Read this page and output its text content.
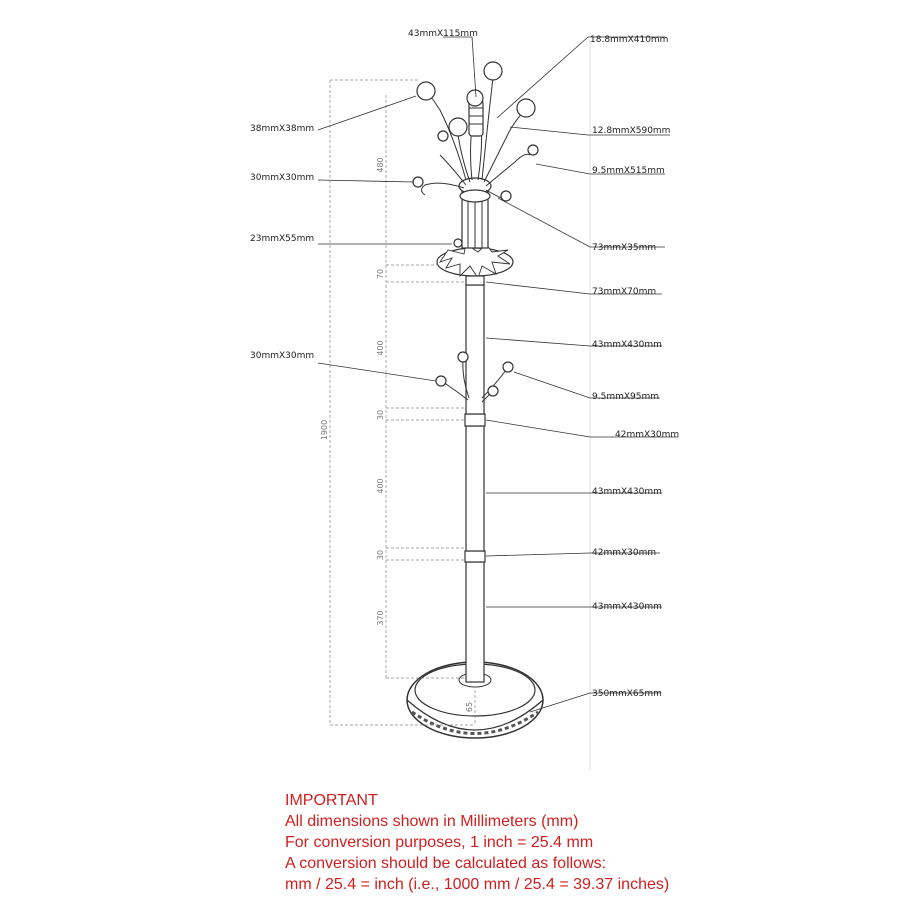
480
70
400
30
400
30
370
65
1900
43mmX115mm
18.8mmX410mm
38mmX38mm	12.8mmX590mm
9.5mmX515mm
30mmX30mm
73mmX35mm
23mmX55mm
73mmX70mm
43mmX430mm
30mmX30mm
9.5mmX95mm
42mmX30mm
43mmX430mm
42mmX30mm
43mmX430mm
350mmX65mm
IMPORTANT
All dimensions shown in Millimeters (mm)
For conversion purposes, 1 inch = 25.4 mm
A conversion should be calculated as follows:
mm / 25.4 = inch (i.e., 1000 mm / 25.4 = 39.37 inches)
